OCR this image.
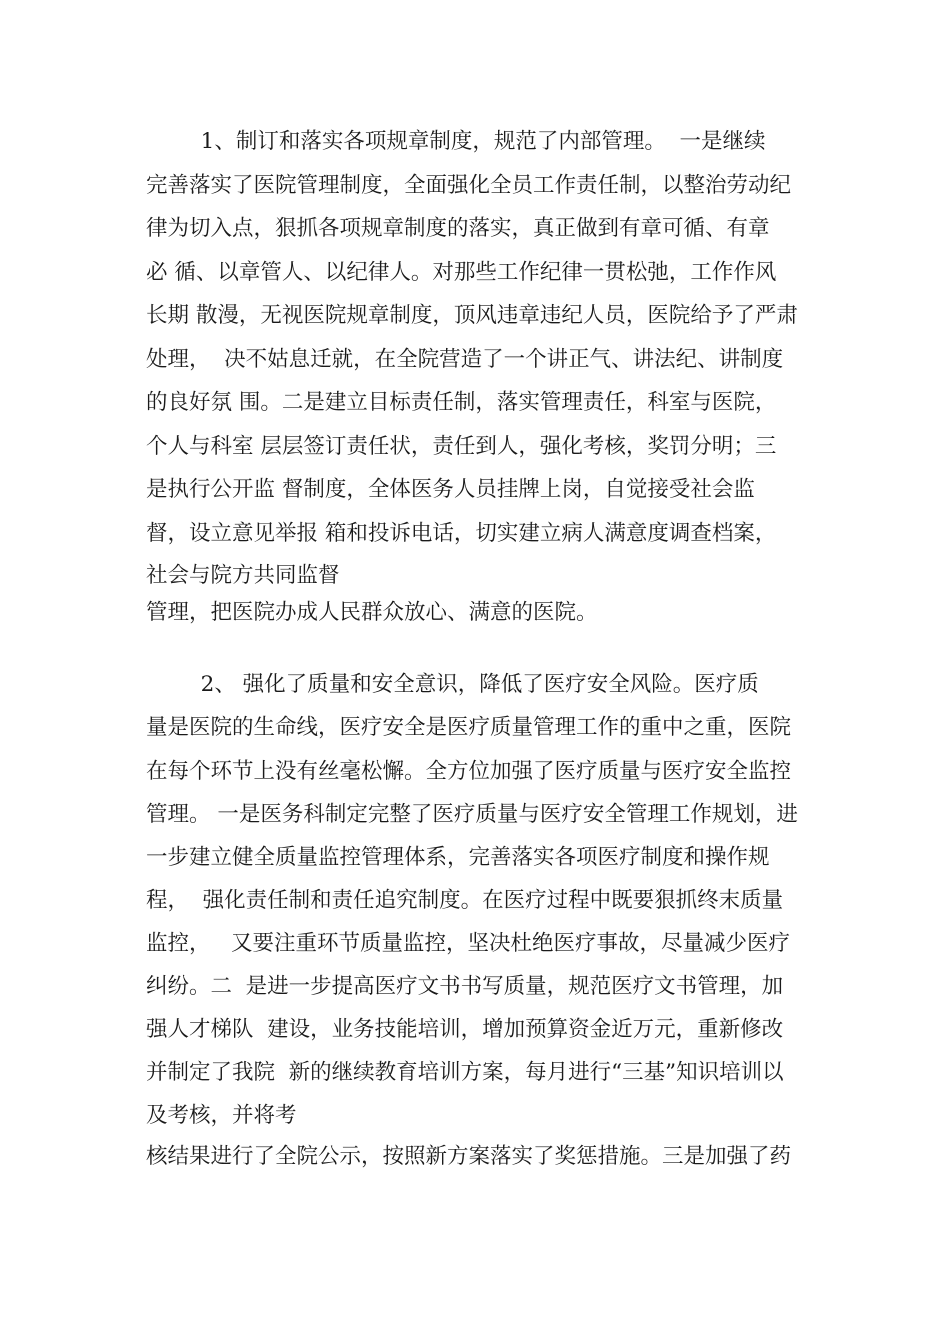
1、制订和落实各项规章制度，规范了内部管理。  一是继续

完善落实了医院管理制度，全面强化全员工作责任制，以整治劳动纪

律为切入点，狠抓各项规章制度的落实，真正做到有章可循、有章

必 循、以章管人、以纪律人。对那些工作纪律一贯松弛，工作作风

长期 散漫，无视医院规章制度，顶风违章违纪人员，医院给予了严肃

处理，  决不姑息迁就，在全院营造了一个讲正气、讲法纪、讲制度

的良好氛 围。二是建立目标责任制，落实管理责任，科室与医院，

个人与科室 层层签订责任状，责任到人，强化考核，奖罚分明；三

是执行公开监 督制度，全体医务人员挂牌上岗，自觉接受社会监

督，设立意见举报 箱和投诉电话，切实建立病人满意度调查档案，

社会与院方共同监督

管理，把医院办成人民群众放心、满意的医院。

2、 强化了质量和安全意识，降低了医疗安全风险。医疗质

量是医院的生命线，医疗安全是医疗质量管理工作的重中之重，医院

在每个环节上没有丝毫松懈。全方位加强了医疗质量与医疗安全监控

管理。 一是医务科制定完整了医疗质量与医疗安全管理工作规划，进

一步建立健全质量监控管理体系，完善落实各项医疗制度和操作规

程，  强化责任制和责任追究制度。在医疗过程中既要狠抓终末质量

监控，   又要注重环节质量监控，坚决杜绝医疗事故，尽量减少医疗

纠纷。二  是进一步提高医疗文书书写质量，规范医疗文书管理，加

强人才梯队  建设，业务技能培训，增加预算资金近万元，重新修改

并制定了我院  新的继续教育培训方案，每月进行“三基”知识培训以

及考核，并将考

核结果进行了全院公示，按照新方案落实了奖惩措施。三是加强了药
